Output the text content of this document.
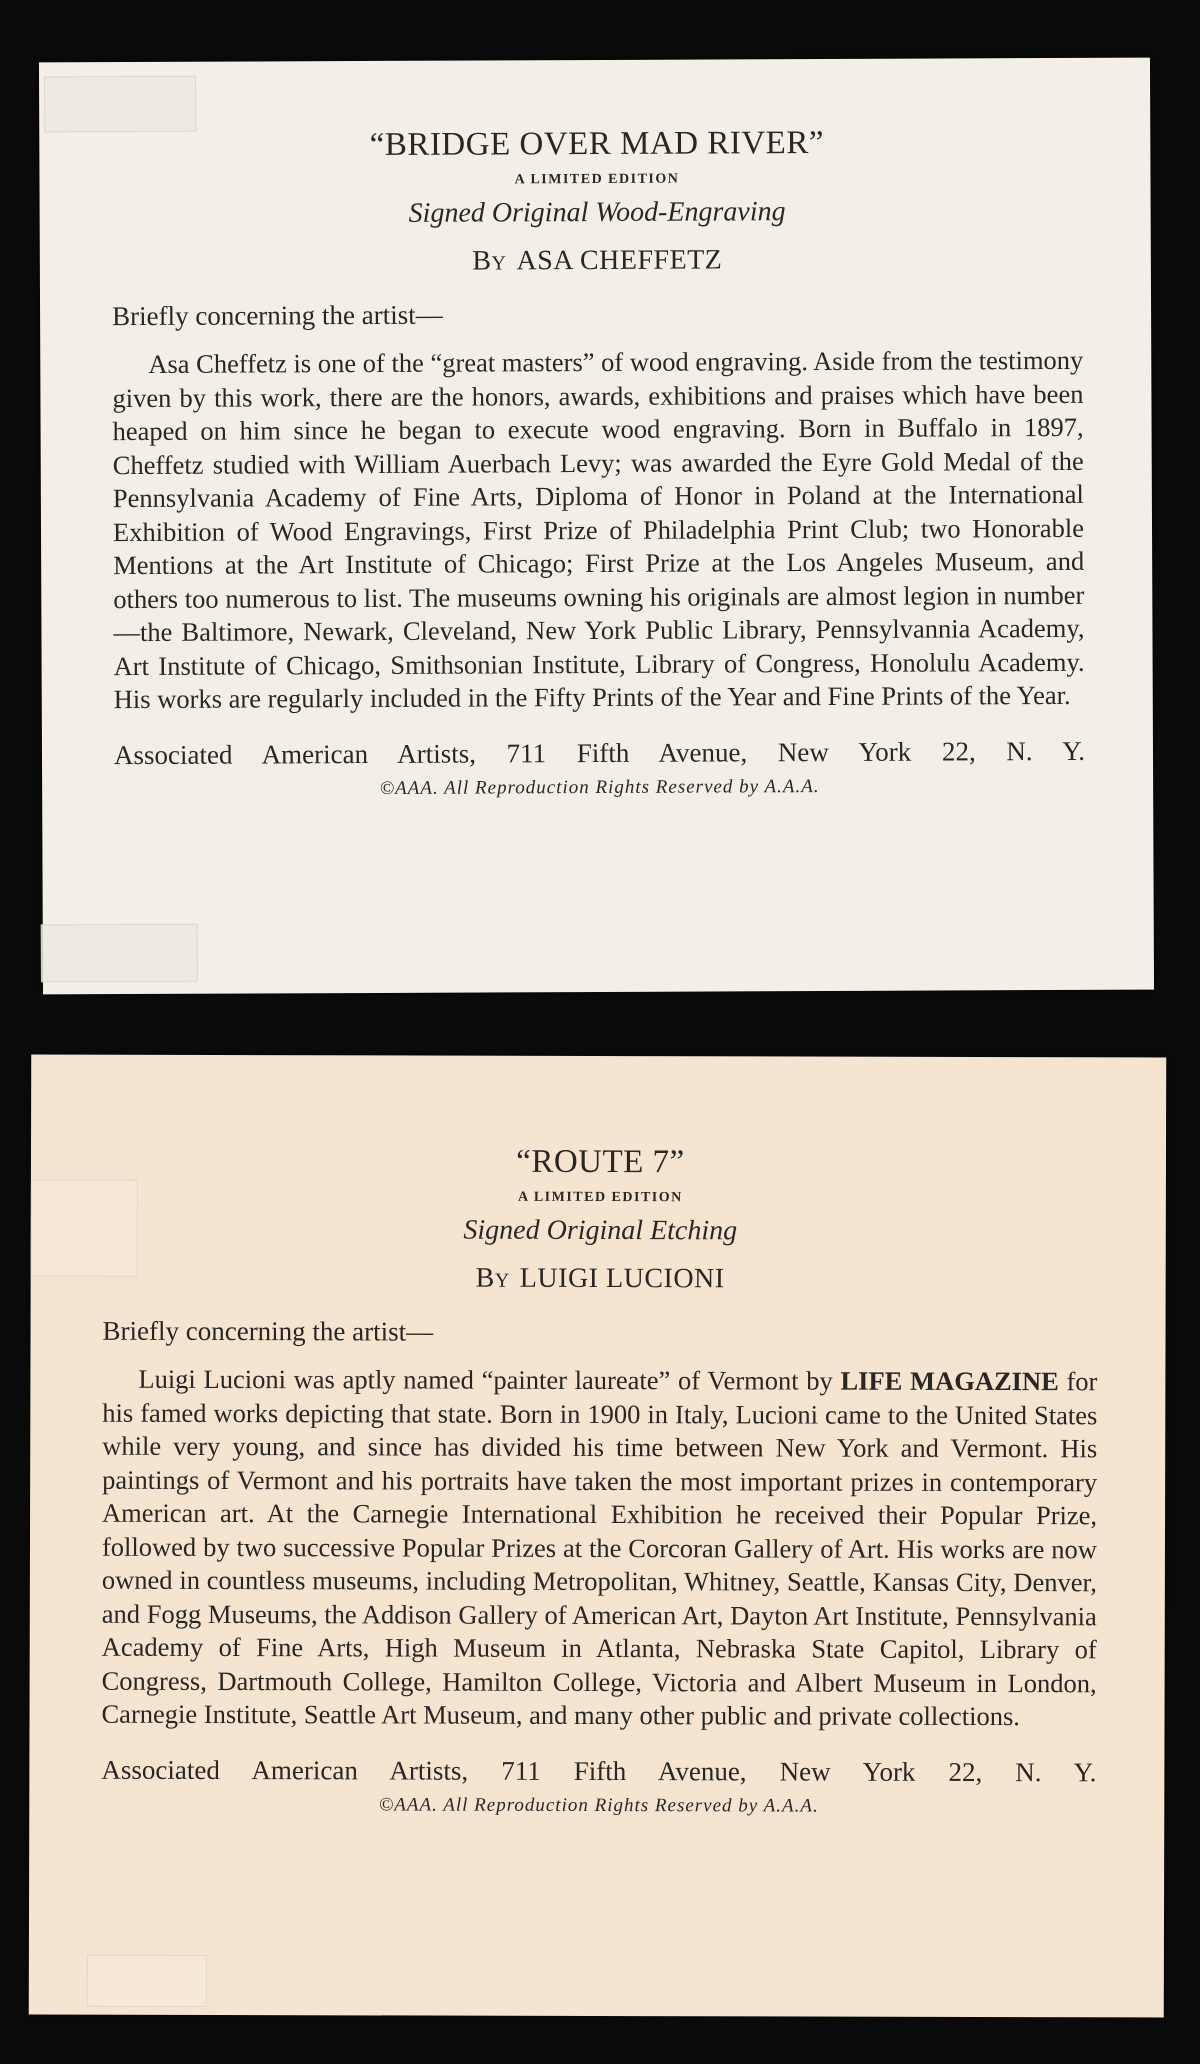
“BRIDGE OVER MAD RIVER”
A LIMITED EDITION
Signed Original Wood-Engraving
By ASA CHEFFETZ
Briefly concerning the artist—
Asa Cheffetz is one of the “great masters” of wood engraving. Aside from the testimony given by this work, there are the honors, awards, exhibitions and praises which have been heaped on him since he began to execute wood engraving. Born in Buffalo in 1897, Cheffetz studied with William Auerbach Levy; was awarded the Eyre Gold Medal of the Pennsylvania Academy of Fine Arts, Diploma of Honor in Poland at the International Exhibition of Wood Engravings, First Prize of Philadelphia Print Club; two Honorable Mentions at the Art Institute of Chicago; First Prize at the Los Angeles Museum, and others too numerous to list. The museums owning his originals are almost legion in number—the Baltimore, Newark, Cleveland, New York Public Library, Pennsylvannia Academy, Art Institute of Chicago, Smithsonian Institute, Library of Congress, Honolulu Academy. His works are regularly included in the Fifty Prints of the Year and Fine Prints of the Year.
Associated American Artists, 711 Fifth Avenue, New York 22, N. Y.
©AAA. All Reproduction Rights Reserved by A.A.A.
“ROUTE 7”
A LIMITED EDITION
Signed Original Etching
By LUIGI LUCIONI
Briefly concerning the artist—
Luigi Lucioni was aptly named “painter laureate” of Vermont by LIFE MAGAZINE for his famed works depicting that state. Born in 1900 in Italy, Lucioni came to the United States while very young, and since has divided his time between New York and Vermont. His paintings of Vermont and his portraits have taken the most important prizes in contemporary American art. At the Carnegie International Exhibition he received their Popular Prize, followed by two successive Popular Prizes at the Corcoran Gallery of Art. His works are now owned in countless museums, including Metropolitan, Whitney, Seattle, Kansas City, Denver, and Fogg Museums, the Addison Gallery of American Art, Dayton Art Institute, Pennsylvania Academy of Fine Arts, High Museum in Atlanta, Nebraska State Capitol, Library of Congress, Dartmouth College, Hamilton College, Victoria and Albert Museum in London, Carnegie Institute, Seattle Art Museum, and many other public and private collections.
Associated American Artists, 711 Fifth Avenue, New York 22, N. Y.
©AAA. All Reproduction Rights Reserved by A.A.A.
